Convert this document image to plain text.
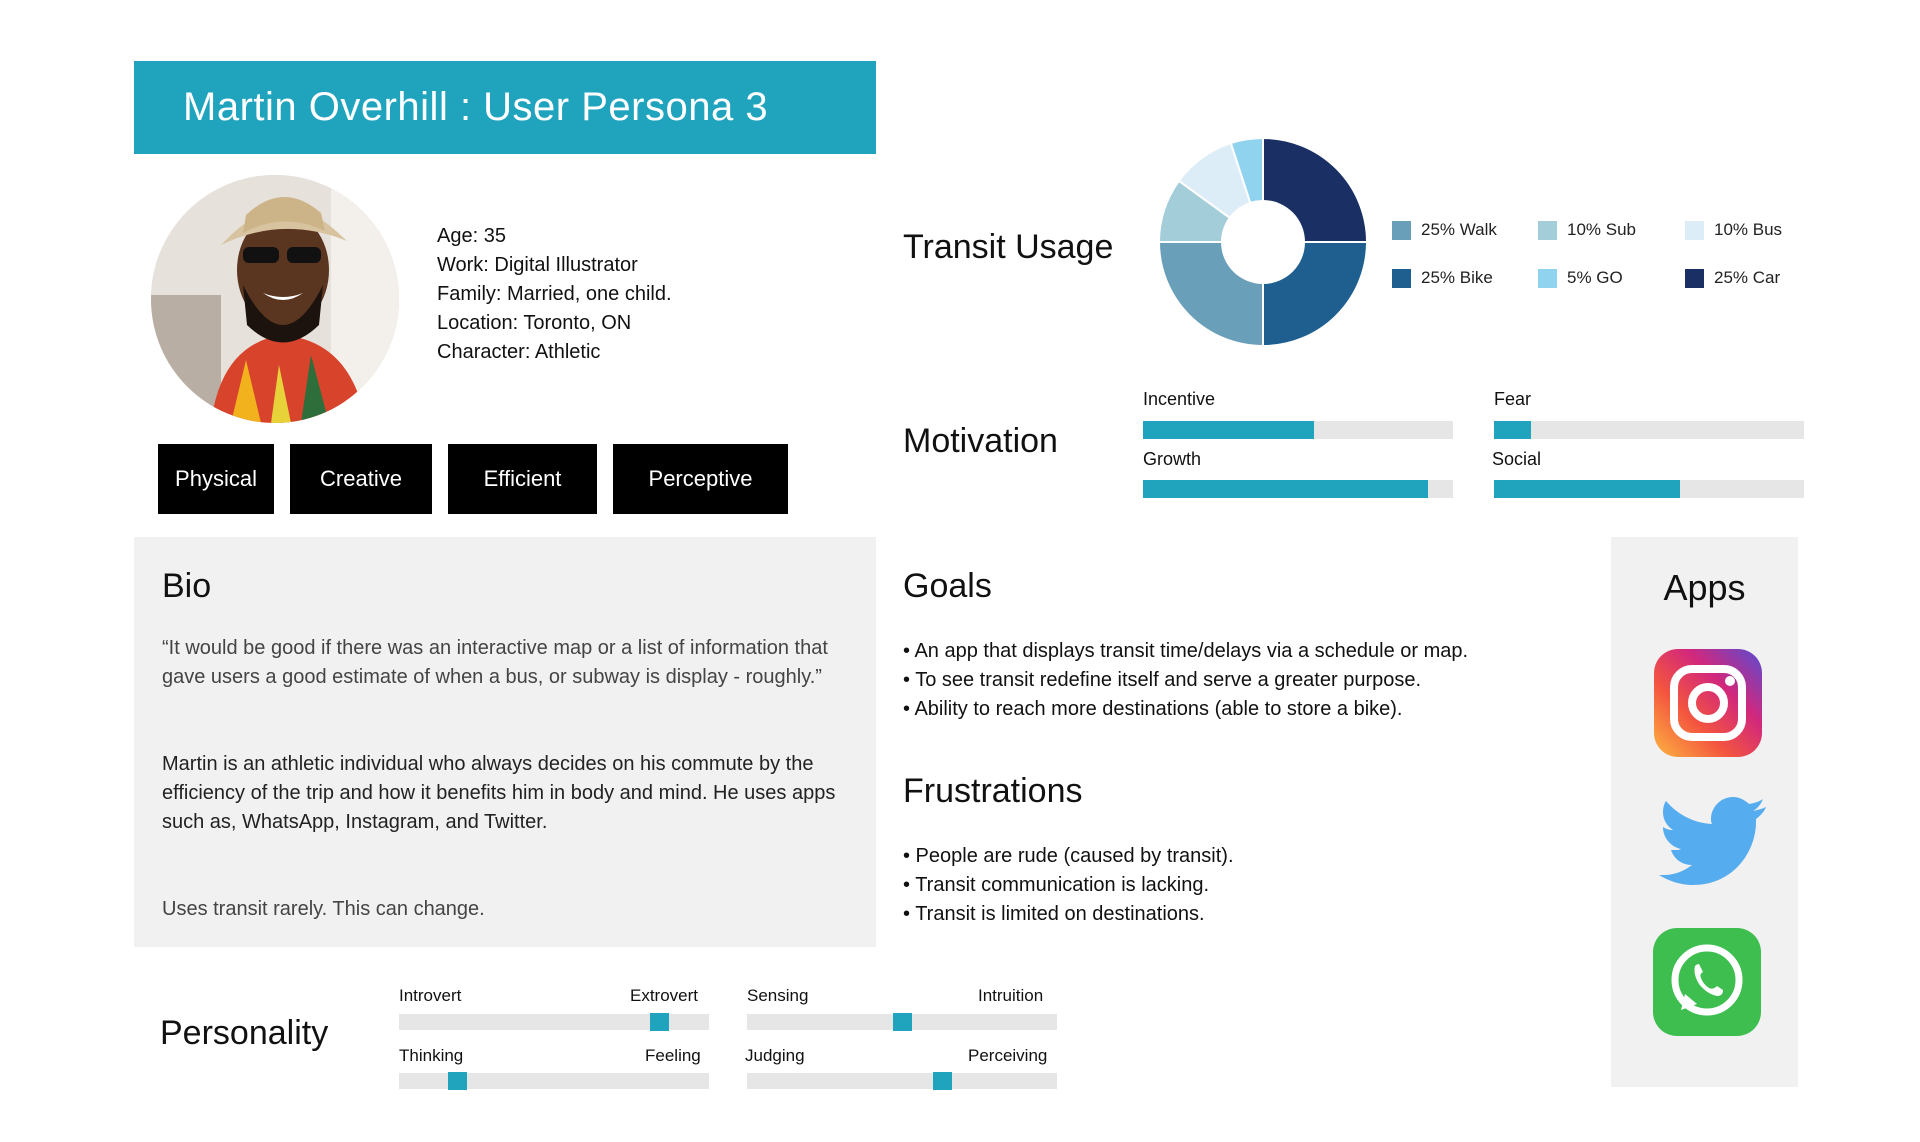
Martin Overhill : User Persona 3
Age: 35
Work: Digital Illustrator
Family: Married, one child.
Location: Toronto, ON
Character: Athletic
Physical	Creative	Efficient	Perceptive
Bio

“It would be good if there was an interactive map or a list of information that gave users a good estimate of when a bus, or subway is display - roughly.”

Martin is an athletic individual who always decides on his commute by the efficiency of the trip and how it benefits him in body and mind. He uses apps such as, WhatsApp, Instagram, and Twitter.

Uses transit rarely. This can change.

Transit Usage	25% Walk	10% Sub	10% Bus
25% Bike	5% GO	25% Car
Motivation
Incentive	Fear
Growth	Social
Goals
• An app that displays transit time/delays via a schedule or map.
• To see transit redefine itself and serve a greater purpose.
• Ability to reach more destinations (able to store a bike).
Frustrations
• People are rude (caused by transit).
• Transit communication is lacking.
• Transit is limited on destinations.
Apps
Personality
Introvert	Extrovert	Sensing	Intruition
Thinking	Feeling	Judging	Perceiving
